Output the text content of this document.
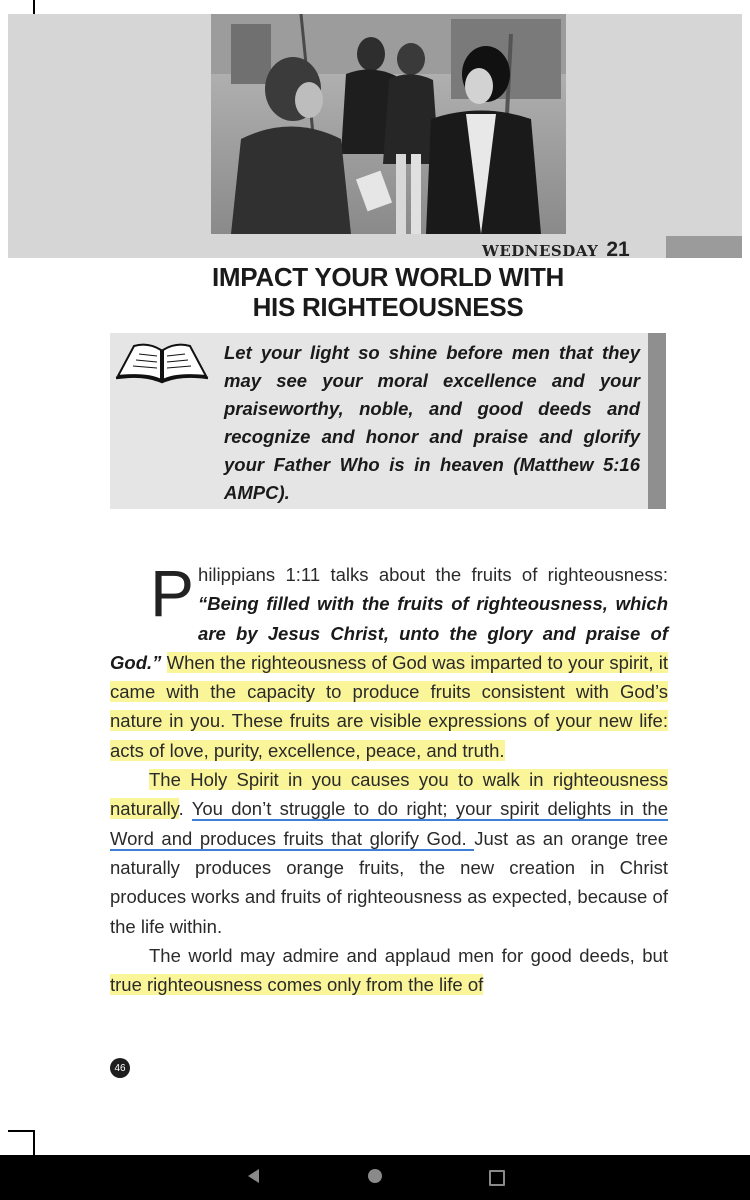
WEDNESDAY 21
IMPACT YOUR WORLD WITH
HIS RIGHTEOUSNESS
Let your light so shine before men that they may see your moral excellence and your praiseworthy, noble, and good deeds and recognize and honor and praise and glorify your Father Who is in heaven (Matthew 5:16 AMPC).

P hilippians 1:11 talks about the fruits of righteousness: “Being filled with the fruits of righteousness, which are by Jesus Christ, unto the glory and praise of God.” When the righteousness of God was imparted to your spirit, it came with the capacity to produce fruits consistent with God’s nature in you. These fruits are visible expressions of your new life: acts of love, purity, excellence, peace, and truth.

The Holy Spirit in you causes you to walk in righteousness naturally. You don’t struggle to do right; your spirit delights in the Word and produces fruits that glorify God. Just as an orange tree naturally produces orange fruits, the new creation in Christ produces works and fruits of righteousness as expected, because of the life within.

The world may admire and applaud men for good deeds, but true righteousness comes only from the life of

46
